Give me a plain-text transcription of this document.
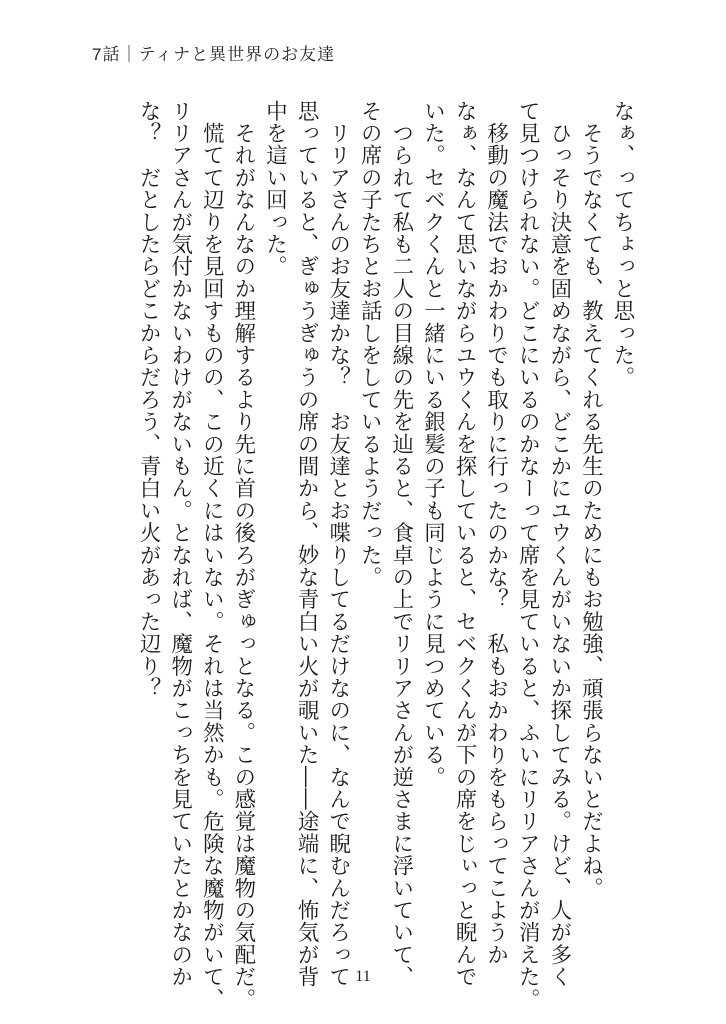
7話｜ティナと異世界のお友達

なぁ、ってちょっと思った。

　そうでなくても、教えてくれる先生のためにもお勉強、頑張らないとだよね。

　ひっそり決意を固めながら、どこかにユウくんがいないか探してみる。けど、人が多く

て見つけられない。どこにいるのかなーって席を見ていると、ふいにリリアさんが消えた。

　移動の魔法でおかわりでも取りに行ったのかな？　私もおかわりをもらってこようか

なぁ、なんて思いながらユウくんを探していると、セベクくんが下の席をじぃっと睨んで

いた。セベクくんと一緒にいる銀髪の子も同じように見つめている。

　つられて私も二人の目線の先を辿ると、食卓の上でリリアさんが逆さまに浮いていて、

その席の子たちとお話しをしているようだった。

　リリアさんのお友達かな？　お友達とお喋りしてるだけなのに、なんで睨むんだろって

思っていると、ぎゅうぎゅうの席の間から、妙な青白い火が覗いた――途端に、怖気が背

中を這い回った。

　それがなんなのか理解するより先に首の後ろがぎゅっとなる。この感覚は魔物の気配だ。

　慌てて辺りを見回すものの、この近くにはいない。それは当然かも。危険な魔物がいて、

リリアさんが気付かないわけがないもん。となれば、魔物がこっちを見ていたとかなのか

な？　だとしたらどこからだろう、青白い火があった辺り？

11
